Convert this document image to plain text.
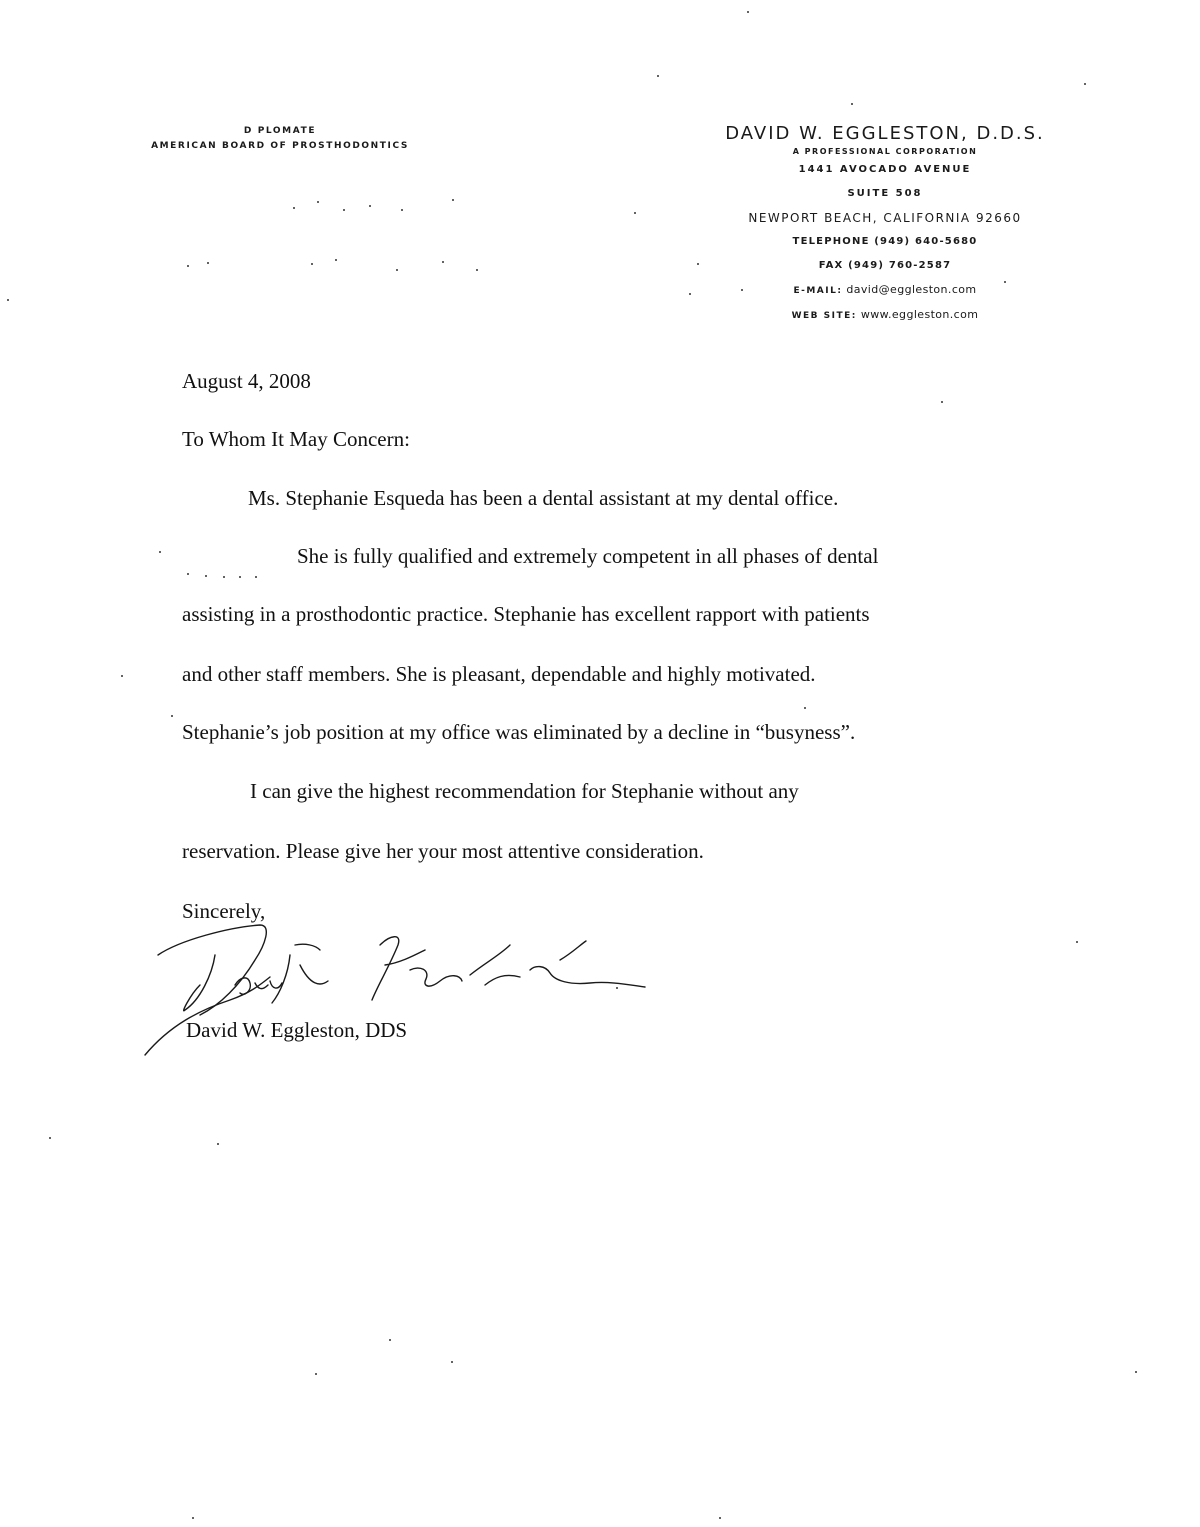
D PLOMATE
AMERICAN BOARD OF PROSTHODONTICS
DAVID W. EGGLESTON, D.D.S.
A PROFESSIONAL CORPORATION
1441 AVOCADO AVENUE
SUITE 508
NEWPORT BEACH, CALIFORNIA 92660
TELEPHONE (949) 640-5680
FAX (949) 760-2587
E-MAIL: david@eggleston.com
WEB SITE: www.eggleston.com
August 4, 2008
To Whom It May Concern:
Ms. Stephanie Esqueda has been a dental assistant at my dental office.
She is fully qualified and extremely competent in all phases of dental
assisting in a prosthodontic practice. Stephanie has excellent rapport with patients
and other staff members. She is pleasant, dependable and highly motivated.
Stephanie’s job position at my office was eliminated by a decline in “busyness”.
I can give the highest recommendation for Stephanie without any
reservation. Please give her your most attentive consideration.
Sincerely,
David W. Eggleston, DDS
